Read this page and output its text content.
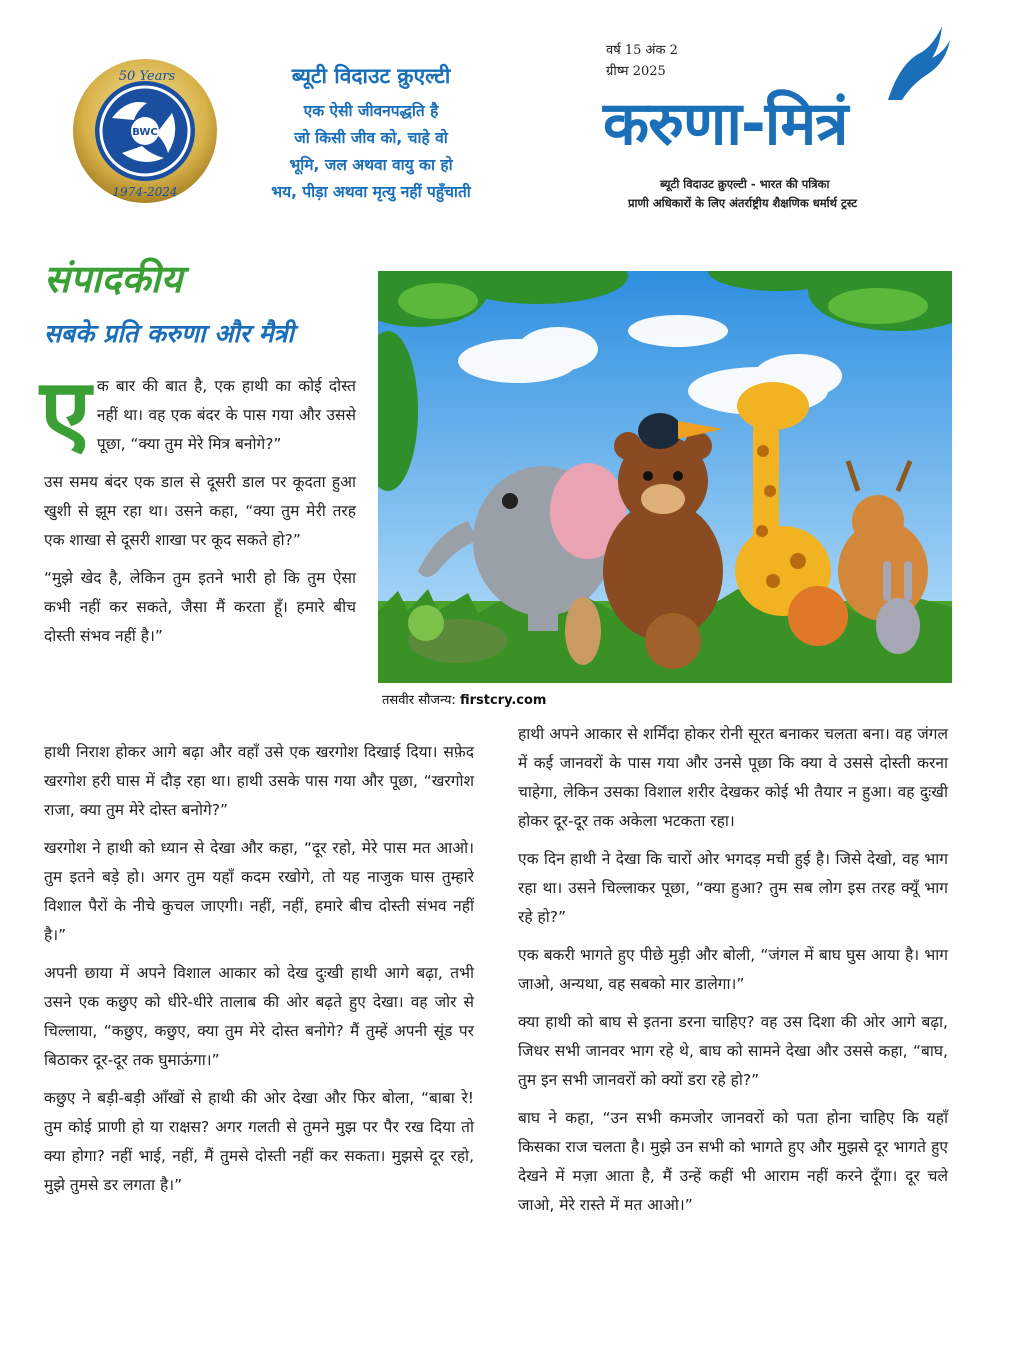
BWC
50 Years
1974-2024
ब्यूटी विदाउट क्रुएल्टी
एक ऐसी जीवनपद्धति है
जो किसी जीव को, चाहे वो
भूमि, जल अथवा वायु का हो
भय, पीड़ा अथवा मृत्यु नहीं पहुँचाती
वर्ष 15 अंक 2
ग्रीष्म 2025
करुणा-मित्रं
ब्यूटी विदाउट क्रुएल्टी - भारत की पत्रिका
प्राणी अधिकारों के लिए अंतर्राष्ट्रीय शैक्षणिक धर्मार्थ ट्रस्ट
संपादकीय
सबके प्रति करुणा और मैत्री
तसवीर सौजन्य: firstcry.com

एक बार की बात है, एक हाथी का कोई दोस्त नहीं था। वह एक बंदर के पास गया और उससे पूछा, “क्या तुम मेरे मित्र बनोगे?”

उस समय बंदर एक डाल से दूसरी डाल पर कूदता हुआ खुशी से झूम रहा था। उसने कहा, “क्या तुम मेरी तरह एक शाखा से दूसरी शाखा पर कूद सकते हो?”

“मुझे खेद है, लेकिन तुम इतने भारी हो कि तुम ऐसा कभी नहीं कर सकते, जैसा मैं करता हूँ। हमारे बीच दोस्ती संभव नहीं है।”

हाथी निराश होकर आगे बढ़ा और वहाँ उसे एक खरगोश दिखाई दिया। सफ़ेद खरगोश हरी घास में दौड़ रहा था। हाथी उसके पास गया और पूछा, “खरगोश राजा, क्या तुम मेरे दोस्त बनोगे?”

खरगोश ने हाथी को ध्यान से देखा और कहा, “दूर रहो, मेरे पास मत आओ। तुम इतने बड़े हो। अगर तुम यहाँ कदम रखोगे, तो यह नाजुक घास तुम्हारे विशाल पैरों के नीचे कुचल जाएगी। नहीं, नहीं, हमारे बीच दोस्ती संभव नहीं है।”

अपनी छाया में अपने विशाल आकार को देख दुःखी हाथी आगे बढ़ा, तभी उसने एक कछुए को धीरे-धीरे तालाब की ओर बढ़ते हुए देखा। वह जोर से चिल्लाया, “कछुए, कछुए, क्या तुम मेरे दोस्त बनोगे? मैं तुम्हें अपनी सूंड पर बिठाकर दूर-दूर तक घुमाऊंगा।”

कछुए ने बड़ी-बड़ी आँखों से हाथी की ओर देखा और फिर बोला, “बाबा रे! तुम कोई प्राणी हो या राक्षस? अगर गलती से तुमने मुझ पर पैर रख दिया तो क्या होगा? नहीं भाई, नहीं, मैं तुमसे दोस्ती नहीं कर सकता। मुझसे दूर रहो, मुझे तुमसे डर लगता है।”

हाथी अपने आकार से शर्मिंदा होकर रोनी सूरत बनाकर चलता बना। वह जंगल में कई जानवरों के पास गया और उनसे पूछा कि क्या वे उससे दोस्ती करना चाहेगा, लेकिन उसका विशाल शरीर देखकर कोई भी तैयार न हुआ। वह दुःखी होकर दूर-दूर तक अकेला भटकता रहा।

एक दिन हाथी ने देखा कि चारों ओर भगदड़ मची हुई है। जिसे देखो, वह भाग रहा था। उसने चिल्लाकर पूछा, “क्या हुआ? तुम सब लोग इस तरह क्यूँ भाग रहे हो?”

एक बकरी भागते हुए पीछे मुड़ी और बोली, “जंगल में बाघ घुस आया है। भाग जाओ, अन्यथा, वह सबको मार डालेगा।”

क्या हाथी को बाघ से इतना डरना चाहिए? वह उस दिशा की ओर आगे बढ़ा, जिधर सभी जानवर भाग रहे थे, बाघ को सामने देखा और उससे कहा, “बाघ, तुम इन सभी जानवरों को क्यों डरा रहे हो?”

बाघ ने कहा, “उन सभी कमजोर जानवरों को पता होना चाहिए कि यहाँ किसका राज चलता है। मुझे उन सभी को भागते हुए और मुझसे दूर भागते हुए देखने में मज़ा आता है, मैं उन्हें कहीं भी आराम नहीं करने दूँगा। दूर चले जाओ, मेरे रास्ते में मत आओ।”
